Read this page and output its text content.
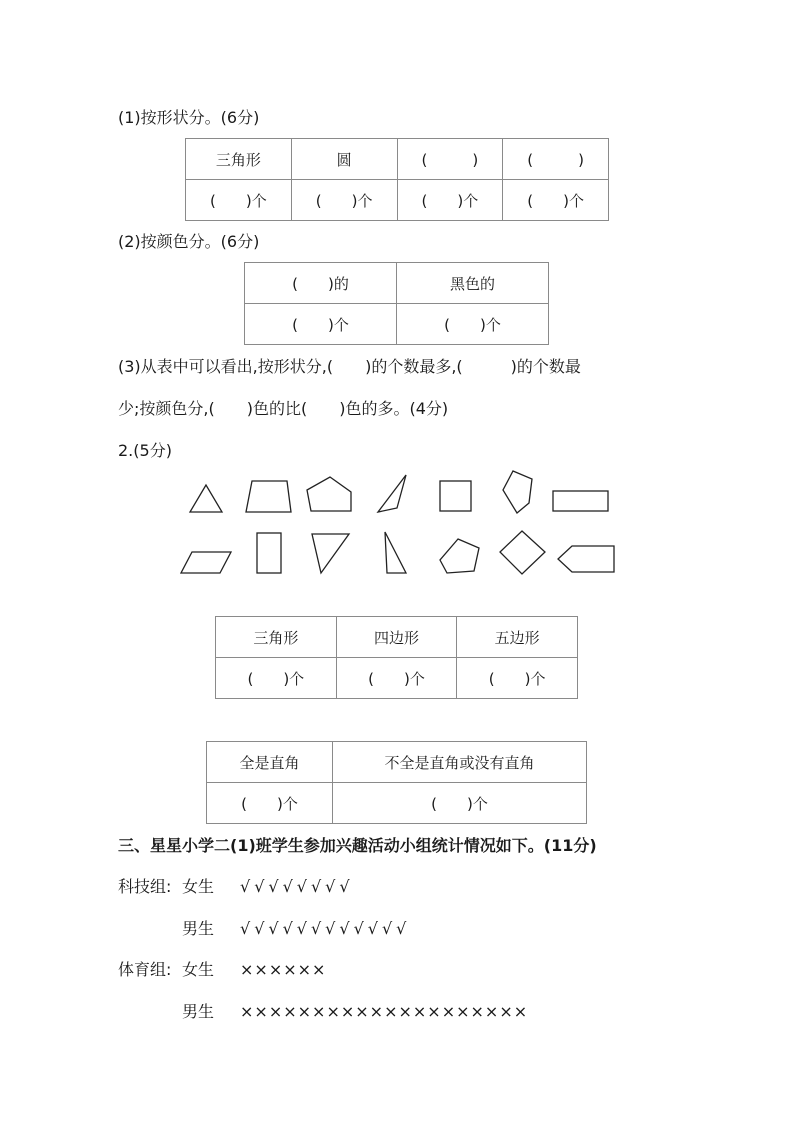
(1)按形状分。(6分)
三角形	圆	(　　　)	(　　　)
(　　)个	(　　)个	(　　)个	(　　)个
(2)按颜色分。(6分)
(　　)的	黑色的
(　　)个	(　　)个
(3)从表中可以看出,按形状分,(　　)的个数最多,(　　　)的个数最
少;按颜色分,(　　)色的比(　　)色的多。(4分)
2.(5分)
三角形	四边形	五边形
(　　)个	(　　)个	(　　)个
全是直角	不全是直角或没有直角
(　　)个	(　　)个
三、星星小学二(1)班学生参加兴趣活动小组统计情况如下。(11分)
科技组: 女生 √√√√√√√√
男生 √√√√√√√√√√√√
体育组: 女生 ××××××
男生 ××××××××××××××××××××
